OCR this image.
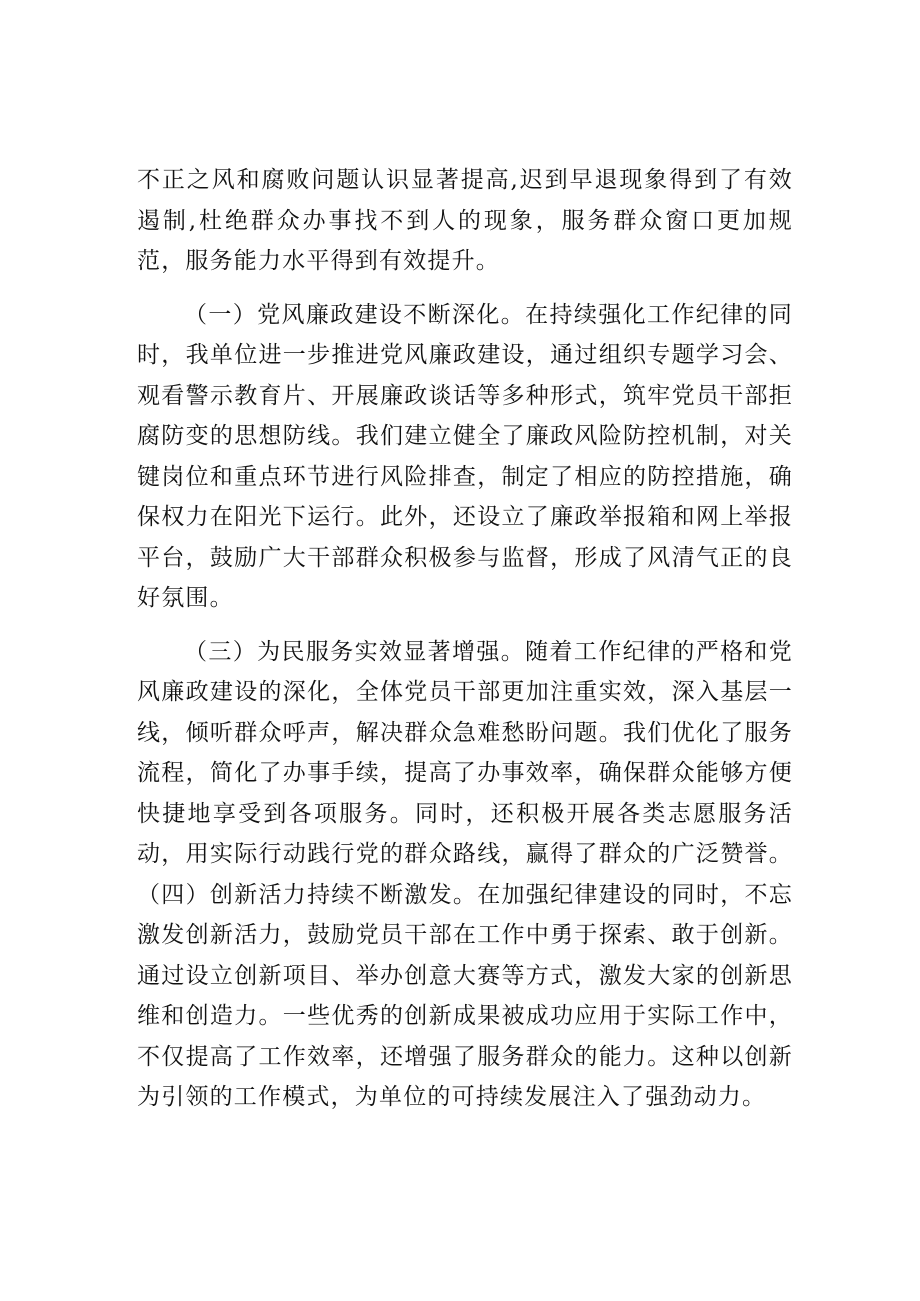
不正之风和腐败问题认识显著提高,迟到早退现象得到了有效遏制,杜绝群众办事找不到人的现象，服务群众窗口更加规范，服务能力水平得到有效提升。

（一）党风廉政建设不断深化。在持续强化工作纪律的同时，我单位进一步推进党风廉政建设，通过组织专题学习会、观看警示教育片、开展廉政谈话等多种形式，筑牢党员干部拒腐防变的思想防线。我们建立健全了廉政风险防控机制，对关键岗位和重点环节进行风险排查，制定了相应的防控措施，确保权力在阳光下运行。此外，还设立了廉政举报箱和网上举报平台，鼓励广大干部群众积极参与监督，形成了风清气正的良好氛围。

（三）为民服务实效显著增强。随着工作纪律的严格和党风廉政建设的深化，全体党员干部更加注重实效，深入基层一线，倾听群众呼声，解决群众急难愁盼问题。我们优化了服务流程，简化了办事手续，提高了办事效率，确保群众能够方便快捷地享受到各项服务。同时，还积极开展各类志愿服务活动，用实际行动践行党的群众路线，赢得了群众的广泛赞誉。（四）创新活力持续不断激发。在加强纪律建设的同时，不忘激发创新活力，鼓励党员干部在工作中勇于探索、敢于创新。通过设立创新项目、举办创意大赛等方式，激发大家的创新思维和创造力。一些优秀的创新成果被成功应用于实际工作中，不仅提高了工作效率，还增强了服务群众的能力。这种以创新为引领的工作模式，为单位的可持续发展注入了强劲动力。
